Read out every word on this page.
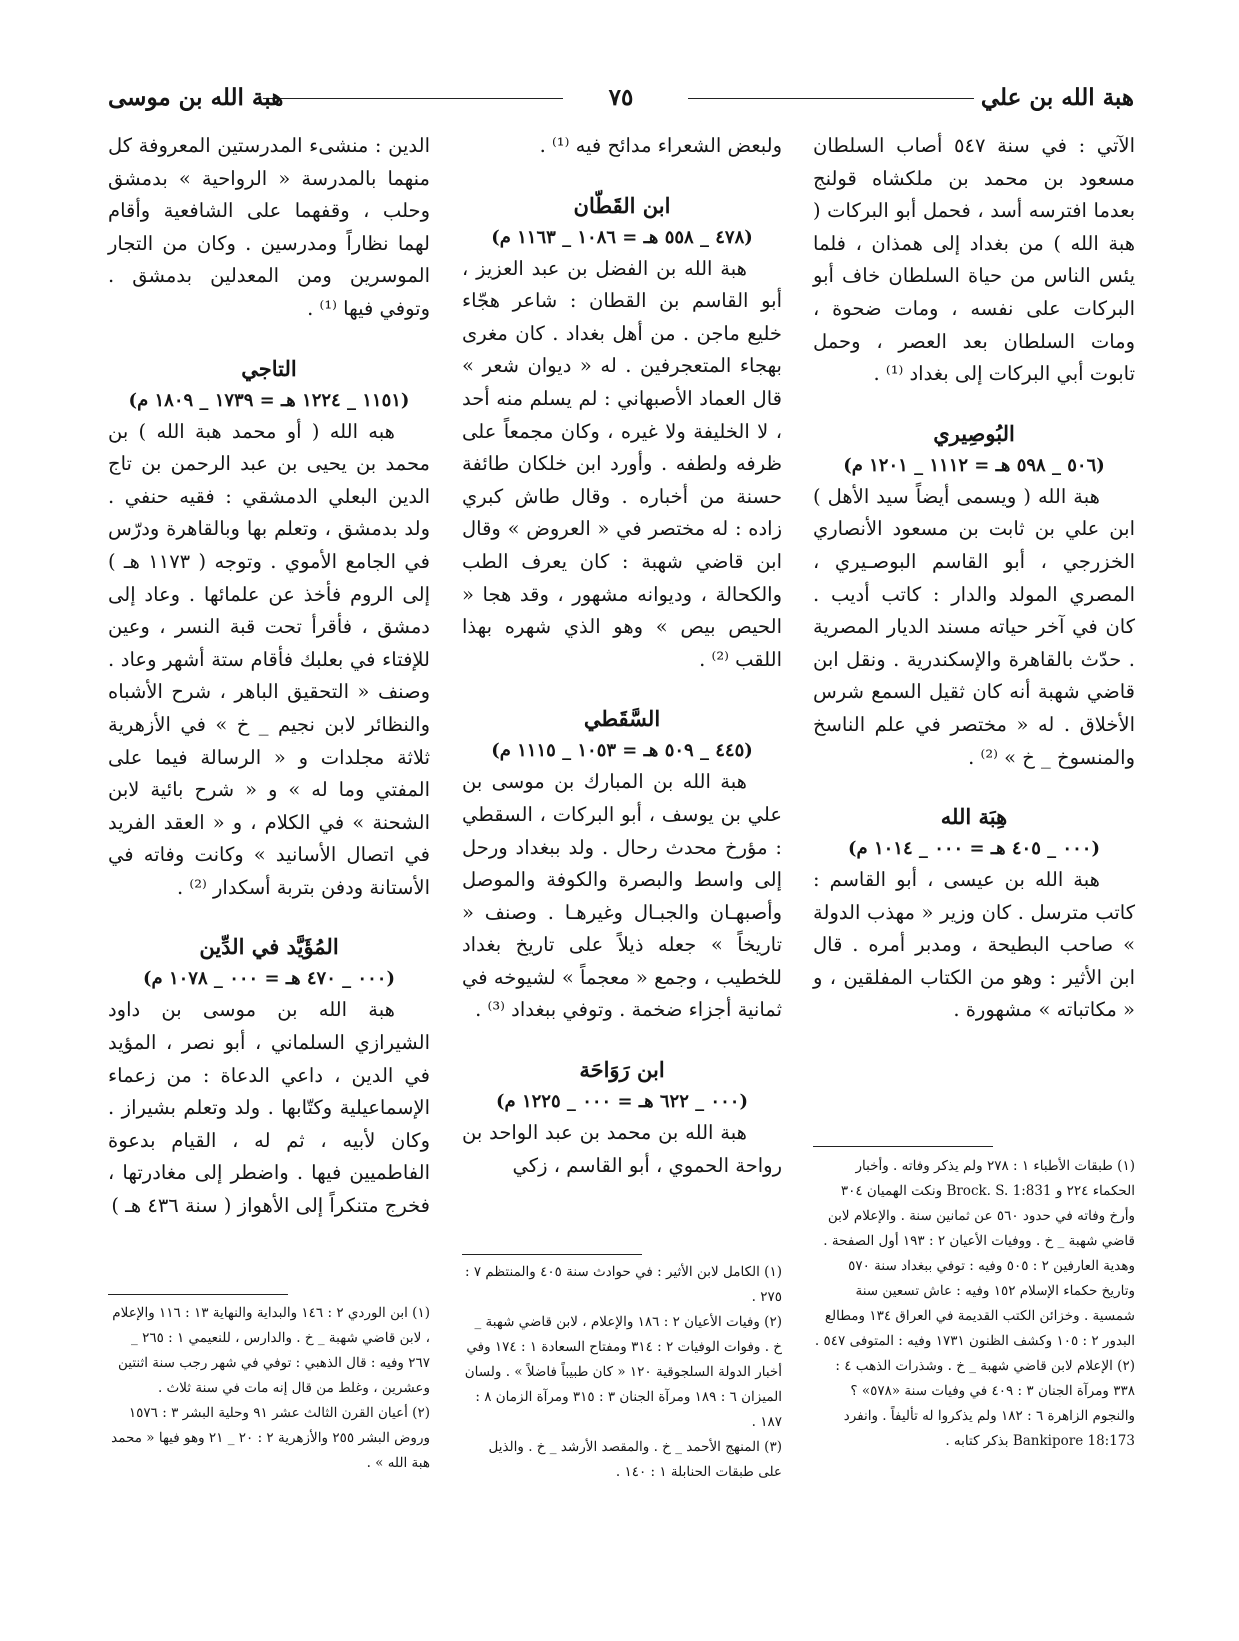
هبة الله بن علي
٧٥
هبة الله بن موسى

الآتي : في سنة ٥٤٧ أصاب السلطان مسعود بن محمد بن ملكشاه قولنج بعدما افترسه أسد ، فحمل أبو البركات ( هبة الله ) من بغداد إلى همذان ، فلما يئس الناس من حياة السلطان خاف أبو البركات على نفسه ، ومات ضحوة ، ومات السلطان بعد العصر ، وحمل تابوت أبي البركات إلى بغداد ⁽¹⁾ .

البُوصِيري

(٥٠٦ _ ٥٩٨ هـ = ١١١٢ _ ١٢٠١ م)

هبة الله ( ويسمى أيضاً سيد الأهل ) ابن علي بن ثابت بن مسعود الأنصاري الخزرجي ، أبو القاسم البوصـيري ، المصري المولد والدار : كاتب أديب . كان في آخر حياته مسند الديار المصرية . حدّث بالقاهرة والإسكندرية . ونقل ابن قاضي شهبة أنه كان ثقيل السمع شرس الأخلاق . له « مختصر في علم الناسخ والمنسوخ _ خ » ⁽²⁾ .

هِبَة الله

(٠٠٠ _ ٤٠٥ هـ = ٠٠٠ _ ١٠١٤ م)

هبة الله بن عيسى ، أبو القاسم : كاتب مترسل . كان وزير « مهذب الدولة » صاحب البطيحة ، ومدبر أمره . قال ابن الأثير : وهو من الكتاب المفلقين ، و « مكاتباته » مشهورة .

(١) طبقات الأطباء ١ : ٢٧٨ ولم يذكر وفاته . وأخبار الحكماء ٢٢٤ و Brock. S. 1:831 ونكت الهميان ٣٠٤ وأرخ وفاته في حدود ٥٦٠ عن ثمانين سنة . والإعلام لابن قاضي شهبة _ خ . ووفيات الأعيان ٢ : ١٩٣ أول الصفحة . وهدية العارفين ٢ : ٥٠٥ وفيه : توفي ببغداد سنة ٥٧٠ وتاريخ حكماء الإسلام ١٥٢ وفيه : عاش تسعين سنة شمسية . وخزائن الكتب القديمة في العراق ١٣٤ ومطالع البدور ٢ : ١٠٥ وكشف الظنون ١٧٣١ وفيه : المتوفى ٥٤٧ .

(٢) الإعلام لابن قاضي شهبة _ خ . وشذرات الذهب ٤ : ٣٣٨ ومرآة الجنان ٣ : ٤٠٩ في وفيات سنة «٥٧٨» ؟ والنجوم الزاهرة ٦ : ١٨٢ ولم يذكروا له تأليفاً . وانفرد Bankipore 18:173 بذكر كتابه .

ولبعض الشعراء مدائح فيه ⁽¹⁾ .

ابن القَطّان

(٤٧٨ _ ٥٥٨ هـ = ١٠٨٦ _ ١١٦٣ م)

هبة الله بن الفضل بن عبد العزيز ، أبو القاسم بن القطان : شاعر هجّاء خليع ماجن . من أهل بغداد . كان مغرى بهجاء المتعجرفين . له « ديوان شعر » قال العماد الأصبهاني : لم يسلم منه أحد ، لا الخليفة ولا غيره ، وكان مجمعاً على ظرفه ولطفه . وأورد ابن خلكان طائفة حسنة من أخباره . وقال طاش كبري زاده : له مختصر في « العروض » وقال ابن قاضي شهبة : كان يعرف الطب والكحالة ، وديوانه مشهور ، وقد هجا « الحيص بيص » وهو الذي شهره بهذا اللقب ⁽²⁾ .

السَّقَطي

(٤٤٥ _ ٥٠٩ هـ = ١٠٥٣ _ ١١١٥ م)

هبة الله بن المبارك بن موسى بن علي بن يوسف ، أبو البركات ، السقطي : مؤرخ محدث رحال . ولد ببغداد ورحل إلى واسط والبصرة والكوفة والموصل وأصبهـان والجبـال وغيرهـا . وصنف « تاريخاً » جعله ذيلاً على تاريخ بغداد للخطيب ، وجمع « معجماً » لشيوخه في ثمانية أجزاء ضخمة . وتوفي ببغداد ⁽³⁾ .

ابن رَوَاحَة

(٠٠٠ _ ٦٢٢ هـ = ٠٠٠ _ ١٢٢٥ م)

هبة الله بن محمد بن عبد الواحد بن رواحة الحموي ، أبو القاسم ، زكي

(١) الكامل لابن الأثير : في حوادث سنة ٤٠٥ والمنتظم ٧ : ٢٧٥ .

(٢) وفيات الأعيان ٢ : ١٨٦ والإعلام ، لابن قاضي شهبة _ خ . وفوات الوفيات ٢ : ٣١٤ ومفتاح السعادة ١ : ١٧٤ وفي أخبار الدولة السلجوقية ١٢٠ « كان طبيباً فاضلاً » . ولسان الميزان ٦ : ١٨٩ ومرآة الجنان ٣ : ٣١٥ ومرآة الزمان ٨ : ١٨٧ .

(٣) المنهج الأحمد _ خ . والمقصد الأرشد _ خ . والذيل على طبقات الحنابلة ١ : ١٤٠ .

الدين : منشىء المدرستين المعروفة كل منهما بالمدرسة « الرواحية » بدمشق وحلب ، وقفهما على الشافعية وأقام لهما نظاراً ومدرسين . وكان من التجار الموسرين ومن المعدلين بدمشق . وتوفي فيها ⁽¹⁾ .

التاجي

(١١٥١ _ ١٢٢٤ هـ = ١٧٣٩ _ ١٨٠٩ م)

هبه الله ( أو محمد هبة الله ) بن محمد بن يحيى بن عبد الرحمن بن تاج الدين البعلي الدمشقي : فقيه حنفي . ولد بدمشق ، وتعلم بها وبالقاهرة ودرّس في الجامع الأموي . وتوجه ( ١١٧٣ هـ ) إلى الروم فأخذ عن علمائها . وعاد إلى دمشق ، فأقرأ تحت قبة النسر ، وعين للإفتاء في بعلبك فأقام ستة أشهر وعاد . وصنف « التحقيق الباهر ، شرح الأشباه والنظائر لابن نجيم _ خ » في الأزهرية ثلاثة مجلدات و « الرسالة فيما على المفتي وما له » و « شرح بائية لابن الشحنة » في الكلام ، و « العقد الفريد في اتصال الأسانيد » وكانت وفاته في الأستانة ودفن بتربة أسكدار ⁽²⁾ .

المُؤَيَّد في الدِّين

(٠٠٠ _ ٤٧٠ هـ = ٠٠٠ _ ١٠٧٨ م)

هبة الله بن موسى بن داود الشيرازي السلماني ، أبو نصر ، المؤيد في الدين ، داعي الدعاة : من زعماء الإسماعيلية وكتّابها . ولد وتعلم بشيراز . وكان لأبيه ، ثم له ، القيام بدعوة الفاطميين فيها . واضطر إلى مغادرتها ، فخرج متنكراً إلى الأهواز ( سنة ٤٣٦ هـ )

(١) ابن الوردي ٢ : ١٤٦ والبداية والنهاية ١٣ : ١١٦ والإعلام ، لابن قاضي شهبة _ خ . والدارس ، للنعيمي ١ : ٢٦٥ _ ٢٦٧ وفيه : قال الذهبي : توفي في شهر رجب سنة اثنتين وعشرين ، وغلط من قال إنه مات في سنة ثلاث .

(٢) أعيان القرن الثالث عشر ٩١ وحلية البشر ٣ : ١٥٧٦ وروض البشر ٢٥٥ والأزهرية ٢ : ٢٠ _ ٢١ وهو فيها « محمد هبة الله » .
